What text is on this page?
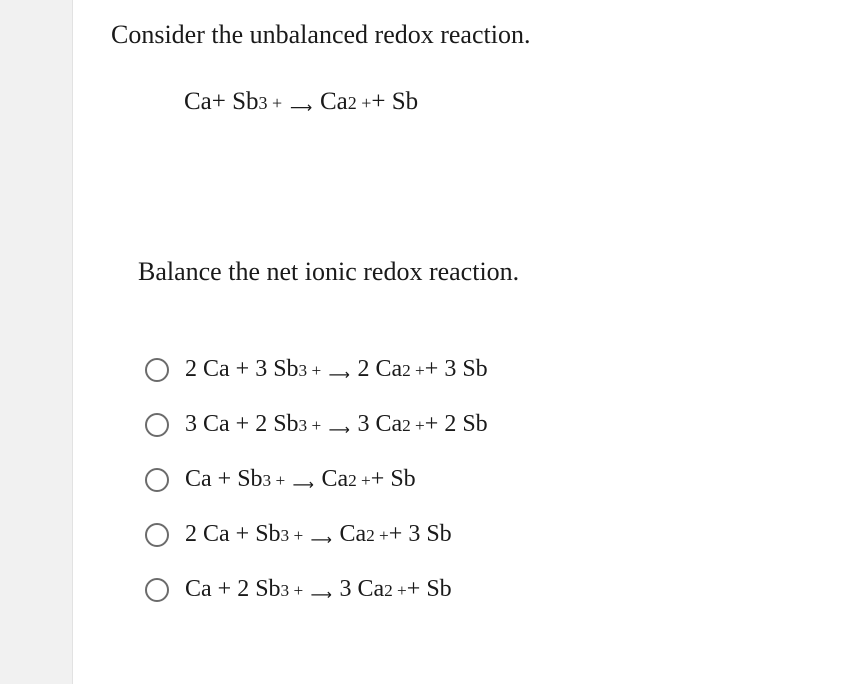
Consider the unbalanced redox reaction.

Ca + Sb 3 + ⟶ Ca 2 + + Sb

Balance the net ionic redox reaction.

2 Ca + 3 Sb 3 + ⟶ 2 Ca 2 + + 3 Sb
3 Ca + 2 Sb 3 + ⟶ 3 Ca 2 + + 2 Sb
Ca + Sb 3 + ⟶ Ca 2 + + Sb
2 Ca + Sb 3 + ⟶ Ca 2 + + 3 Sb
Ca + 2 Sb 3 + ⟶ 3 Ca 2 + + Sb
